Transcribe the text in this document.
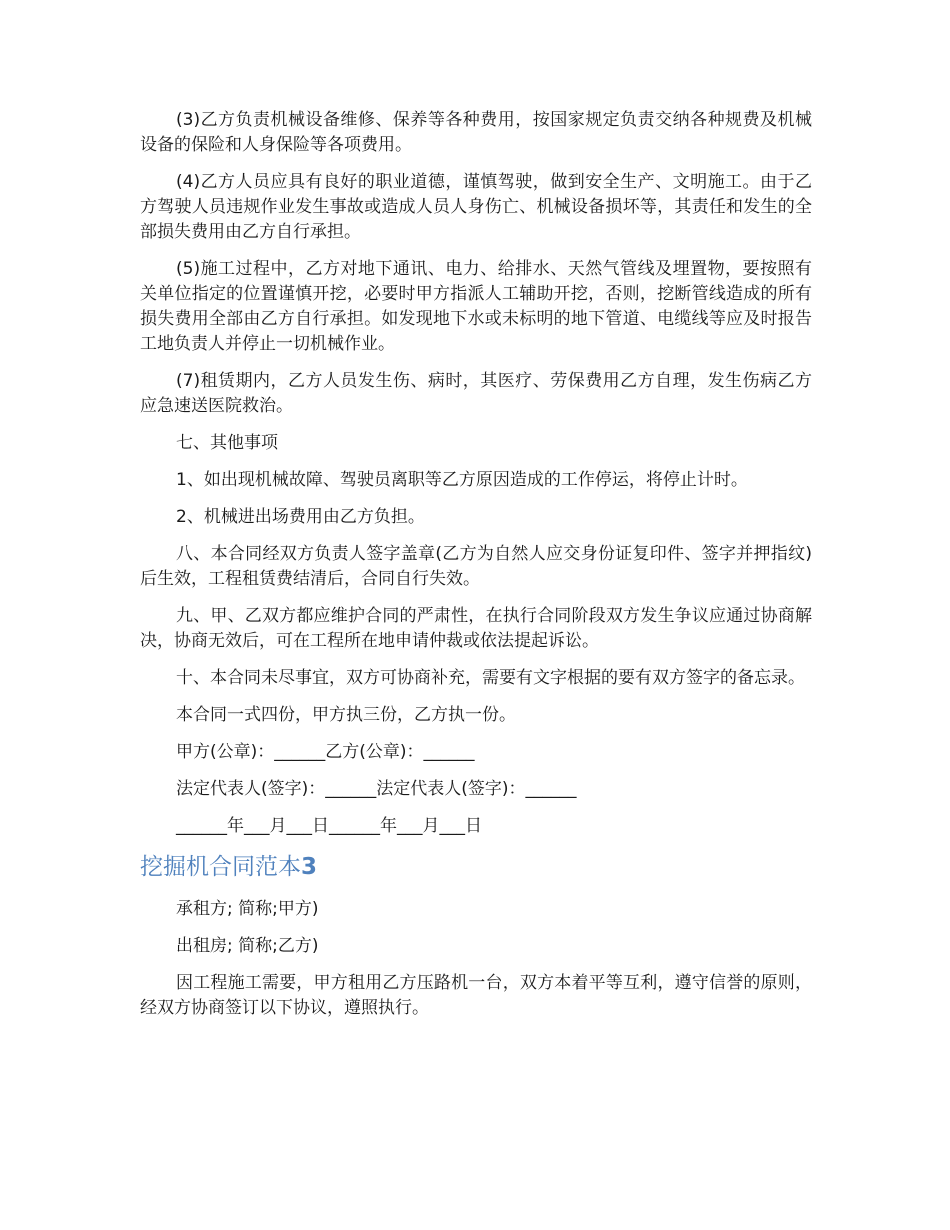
(3)乙方负责机械设备维修、保养等各种费用，按国家规定负责交纳各种规费及机械设备的保险和人身保险等各项费用。

(4)乙方人员应具有良好的职业道德，谨慎驾驶，做到安全生产、文明施工。由于乙方驾驶人员违规作业发生事故或造成人员人身伤亡、机械设备损坏等，其责任和发生的全部损失费用由乙方自行承担。

(5)施工过程中，乙方对地下通讯、电力、给排水、天然气管线及埋置物，要按照有关单位指定的位置谨慎开挖，必要时甲方指派人工辅助开挖，否则，挖断管线造成的所有损失费用全部由乙方自行承担。如发现地下水或未标明的地下管道、电缆线等应及时报告工地负责人并停止一切机械作业。

(7)租赁期内，乙方人员发生伤、病时，其医疗、劳保费用乙方自理，发生伤病乙方应急速送医院救治。

七、其他事项

1、如出现机械故障、驾驶员离职等乙方原因造成的工作停运，将停止计时。

2、机械进出场费用由乙方负担。

八、本合同经双方负责人签字盖章(乙方为自然人应交身份证复印件、签字并押指纹)后生效，工程租赁费结清后，合同自行失效。

九、甲、乙双方都应维护合同的严肃性，在执行合同阶段双方发生争议应通过协商解决，协商无效后，可在工程所在地申请仲裁或依法提起诉讼。

十、本合同未尽事宜，双方可协商补充，需要有文字根据的要有双方签字的备忘录。

本合同一式四份，甲方执三份，乙方执一份。

甲方(公章)：______乙方(公章)：______

法定代表人(签字)：______法定代表人(签字)：______

______年___月___日______年___月___日

挖掘机合同范本3

承租方; 简称;甲方)

出租房; 简称;乙方)

因工程施工需要，甲方租用乙方压路机一台，双方本着平等互利，遵守信誉的原则，经双方协商签订以下协议，遵照执行。
